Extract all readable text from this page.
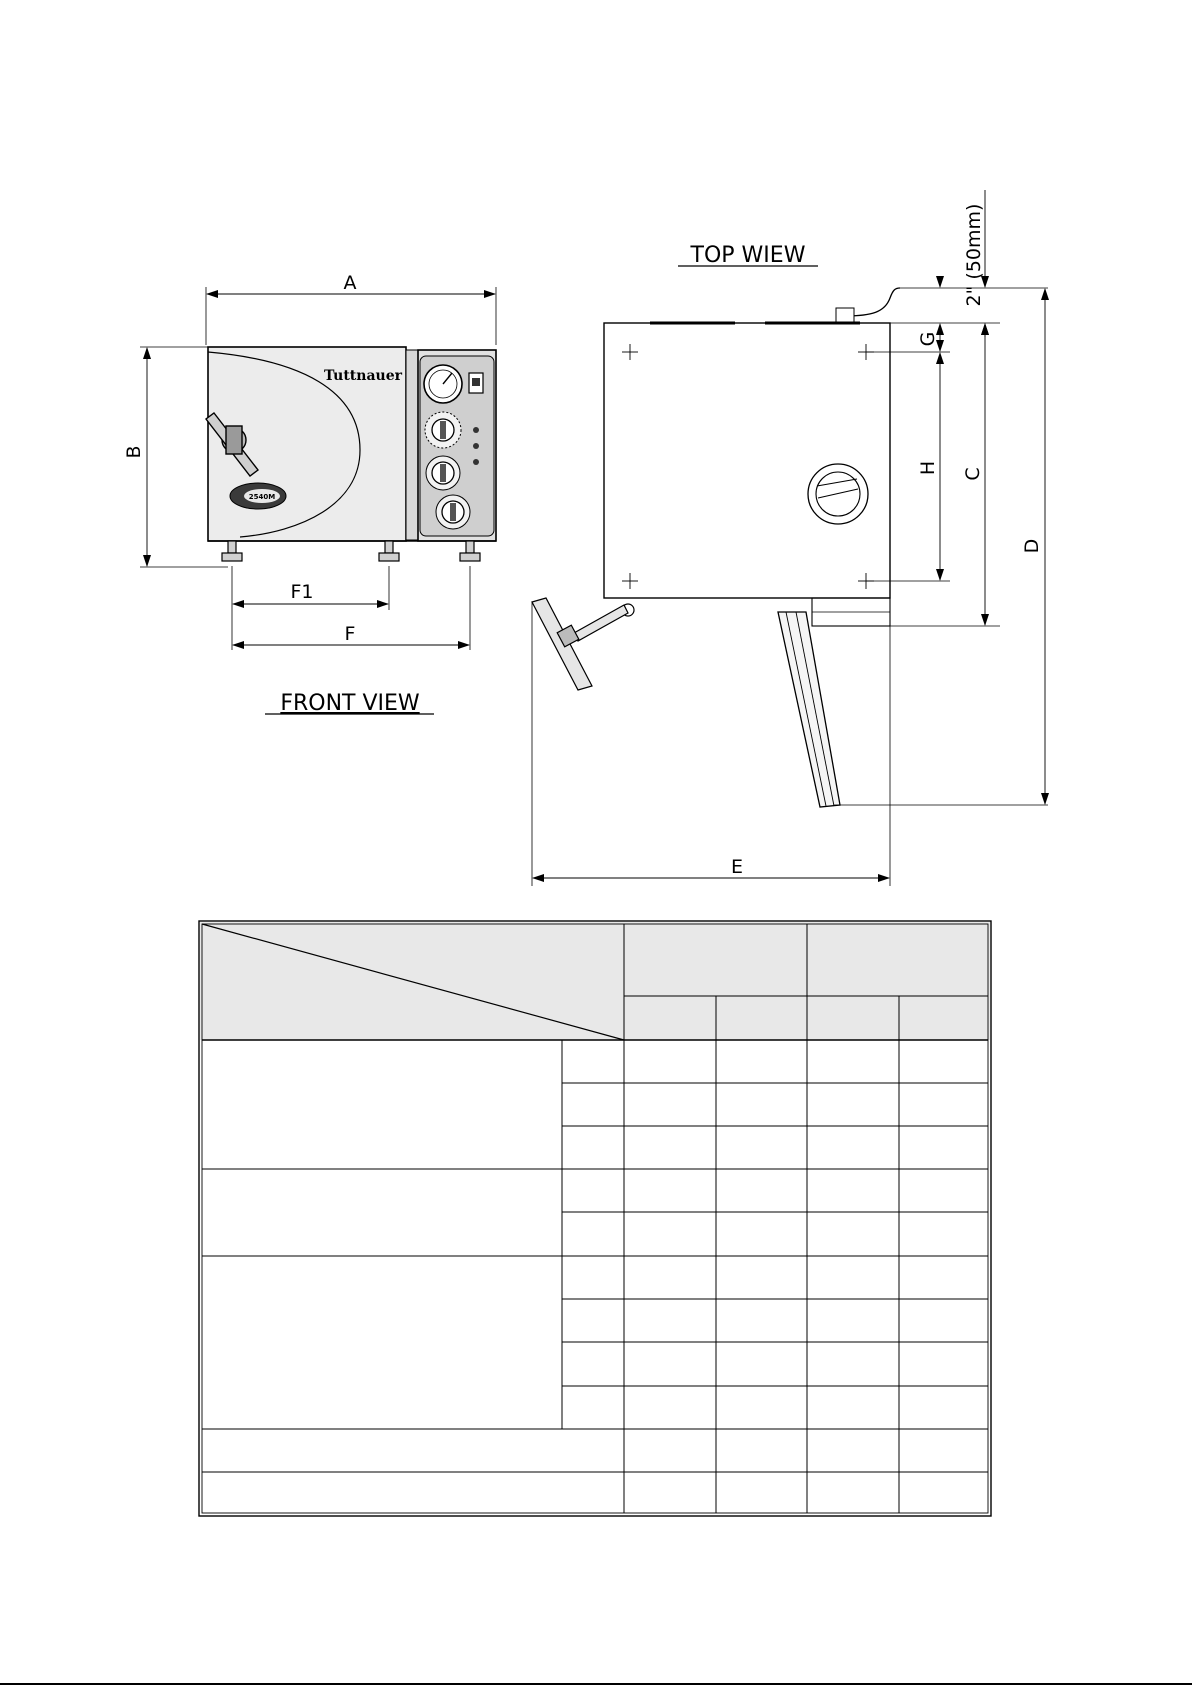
A
B
F1
F
Tuttnauer
2540M
FRONT VIEW
TOP WIEW
G
H C
D
E
2" (50mm)
